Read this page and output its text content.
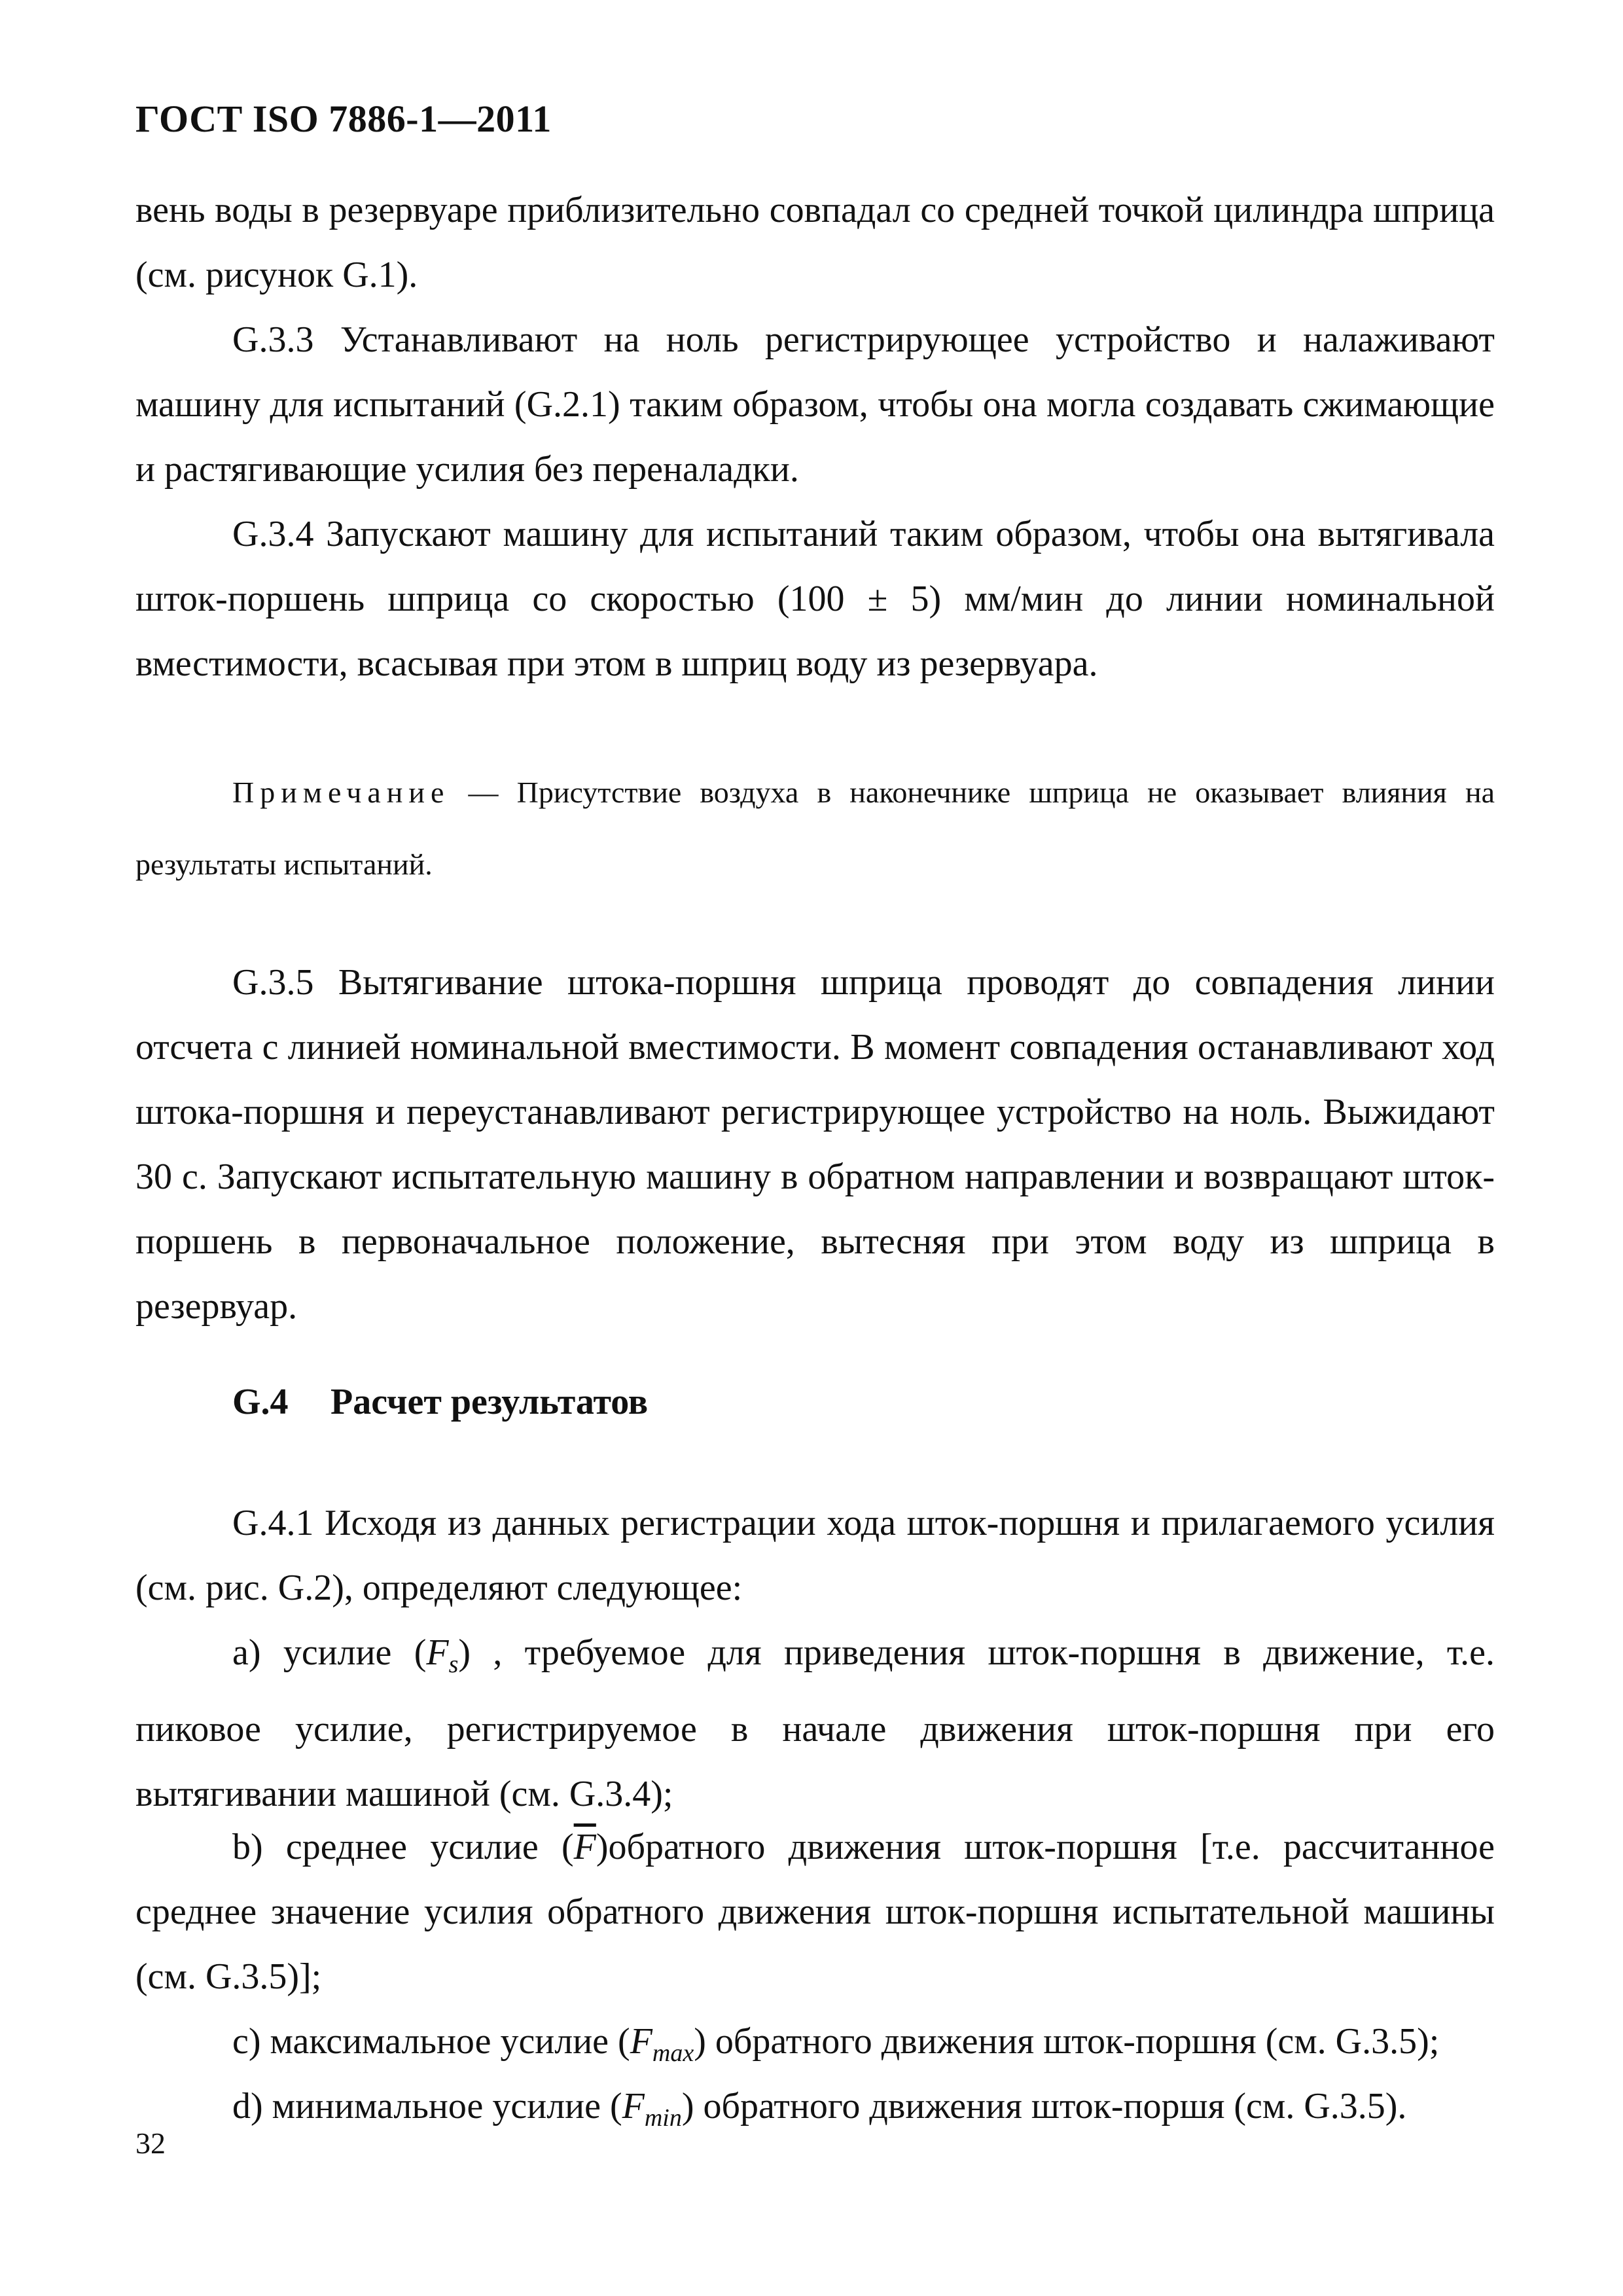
ГОСТ ISO 7886-1—2011
вень воды в резервуаре приблизительно совпадал со средней точкой цилиндра шприца (см. рисунок G.1).
G.3.3 Устанавливают на ноль регистрирующее устройство и налаживают машину для испытаний (G.2.1) таким образом, чтобы она могла создавать сжимающие и растягивающие усилия без переналадки.
G.3.4 Запускают машину для испытаний таким образом, чтобы она вытягивала шток-поршень шприца со скоростью (100 ± 5) мм/мин до линии номинальной вместимости, всасывая при этом в шприц воду из резервуара.
Примечание — Присутствие воздуха в наконечнике шприца не оказывает влияния на результаты испытаний.
G.3.5 Вытягивание штока-поршня шприца проводят до совпадения линии отсчета с линией номинальной вместимости. В момент совпадения останавливают ход штока-поршня и переустанавливают регистрирующее устройство на ноль. Выжидают 30 с. Запускают испытательную машину в обратном направлении и возвращают шток-поршень в первоначальное положение, вытесняя при этом воду из шприца в резервуар.
G.4 Расчет результатов
G.4.1 Исходя из данных регистрации хода шток-поршня и прилагаемого усилия (см. рис. G.2), определяют следующее:
а) усилие $(F_s)$ , требуемое для приведения шток-поршня в движение, т.е. пиковое усилие, регистрируемое в начале движения шток-поршня при его вытягивании машиной (см. G.3.4);
b) среднее усилие $(\overline{F})обратного$ движения шток-поршня [т.е. рассчитанное среднее значение усилия обратного движения шток-поршня испытательной машины (см. G.3.5)];
c) максимальное усилие $(F_{max})$ обратного движения шток-поршня (см. G.3.5);
d) минимальное усилие $(F_{min})$ обратного движения шток-поршя (см. G.3.5).
32
